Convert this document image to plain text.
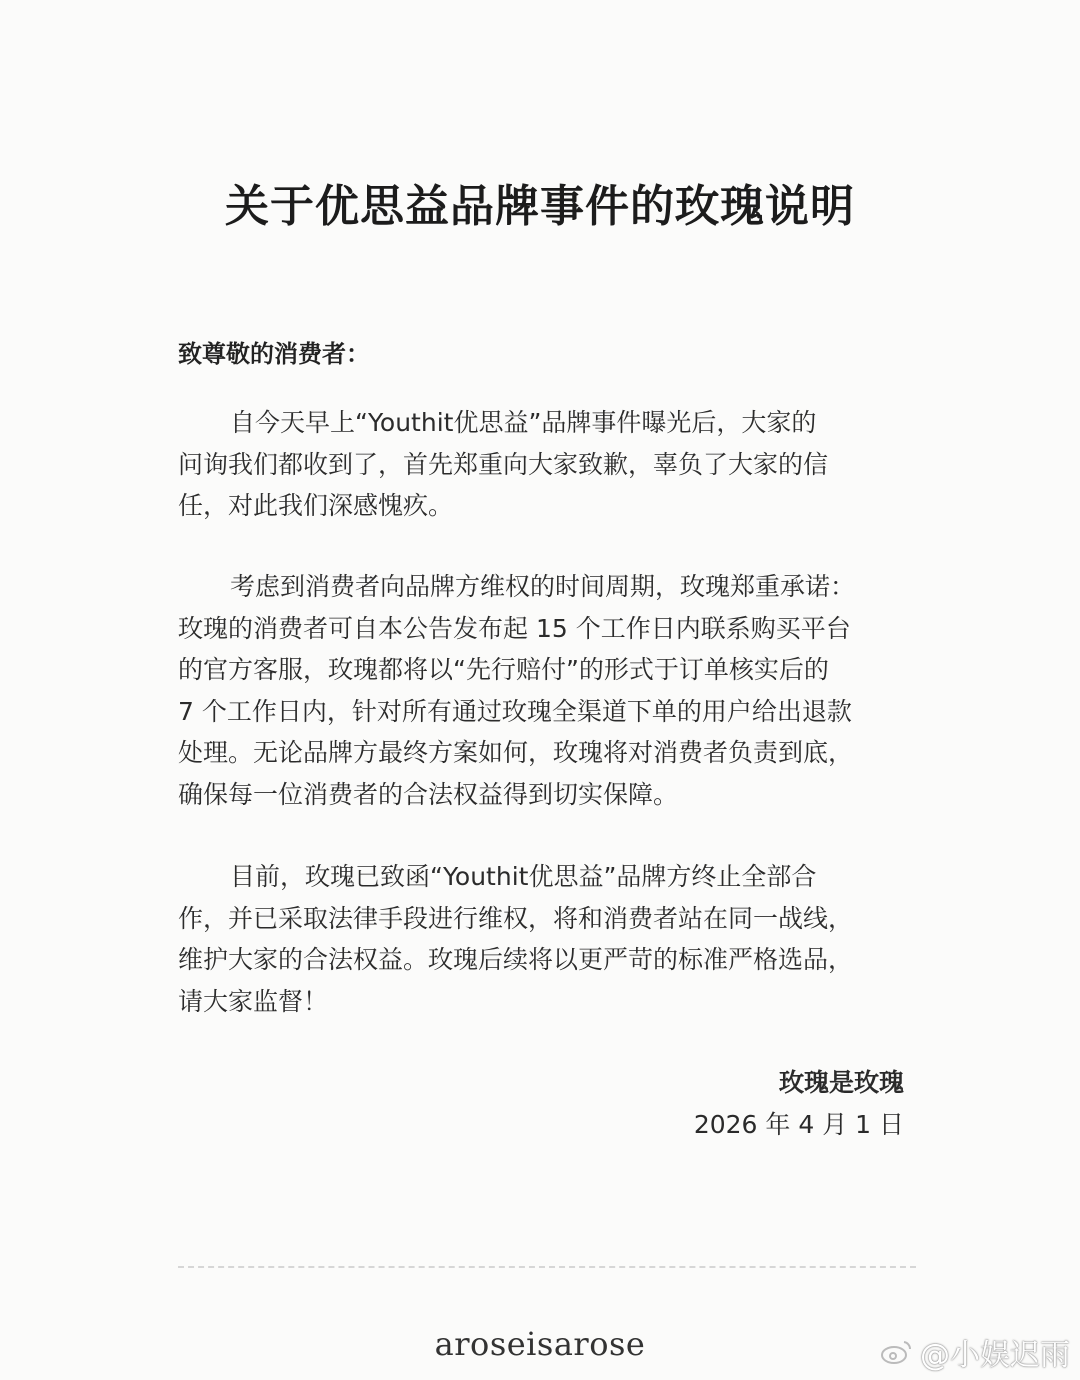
关于优思益品牌事件的玫瑰说明
致尊敬的消费者：
自今天早上“Youthit优思益”品牌事件曝光后，大家的
问询我们都收到了，首先郑重向大家致歉，辜负了大家的信
任，对此我们深感愧疚。
考虑到消费者向品牌方维权的时间周期，玫瑰郑重承诺：
玫瑰的消费者可自本公告发布起 15 个工作日内联系购买平台
的官方客服，玫瑰都将以“先行赔付”的形式于订单核实后的
7 个工作日内，针对所有通过玫瑰全渠道下单的用户给出退款
处理。无论品牌方最终方案如何，玫瑰将对消费者负责到底，
确保每一位消费者的合法权益得到切实保障。
目前，玫瑰已致函“Youthit优思益”品牌方终止全部合
作，并已采取法律手段进行维权，将和消费者站在同一战线，
维护大家的合法权益。玫瑰后续将以更严苛的标准严格选品，
请大家监督！
玫瑰是玫瑰
2026 年 4 月 1 日
aroseisarose	@小娱迟雨
